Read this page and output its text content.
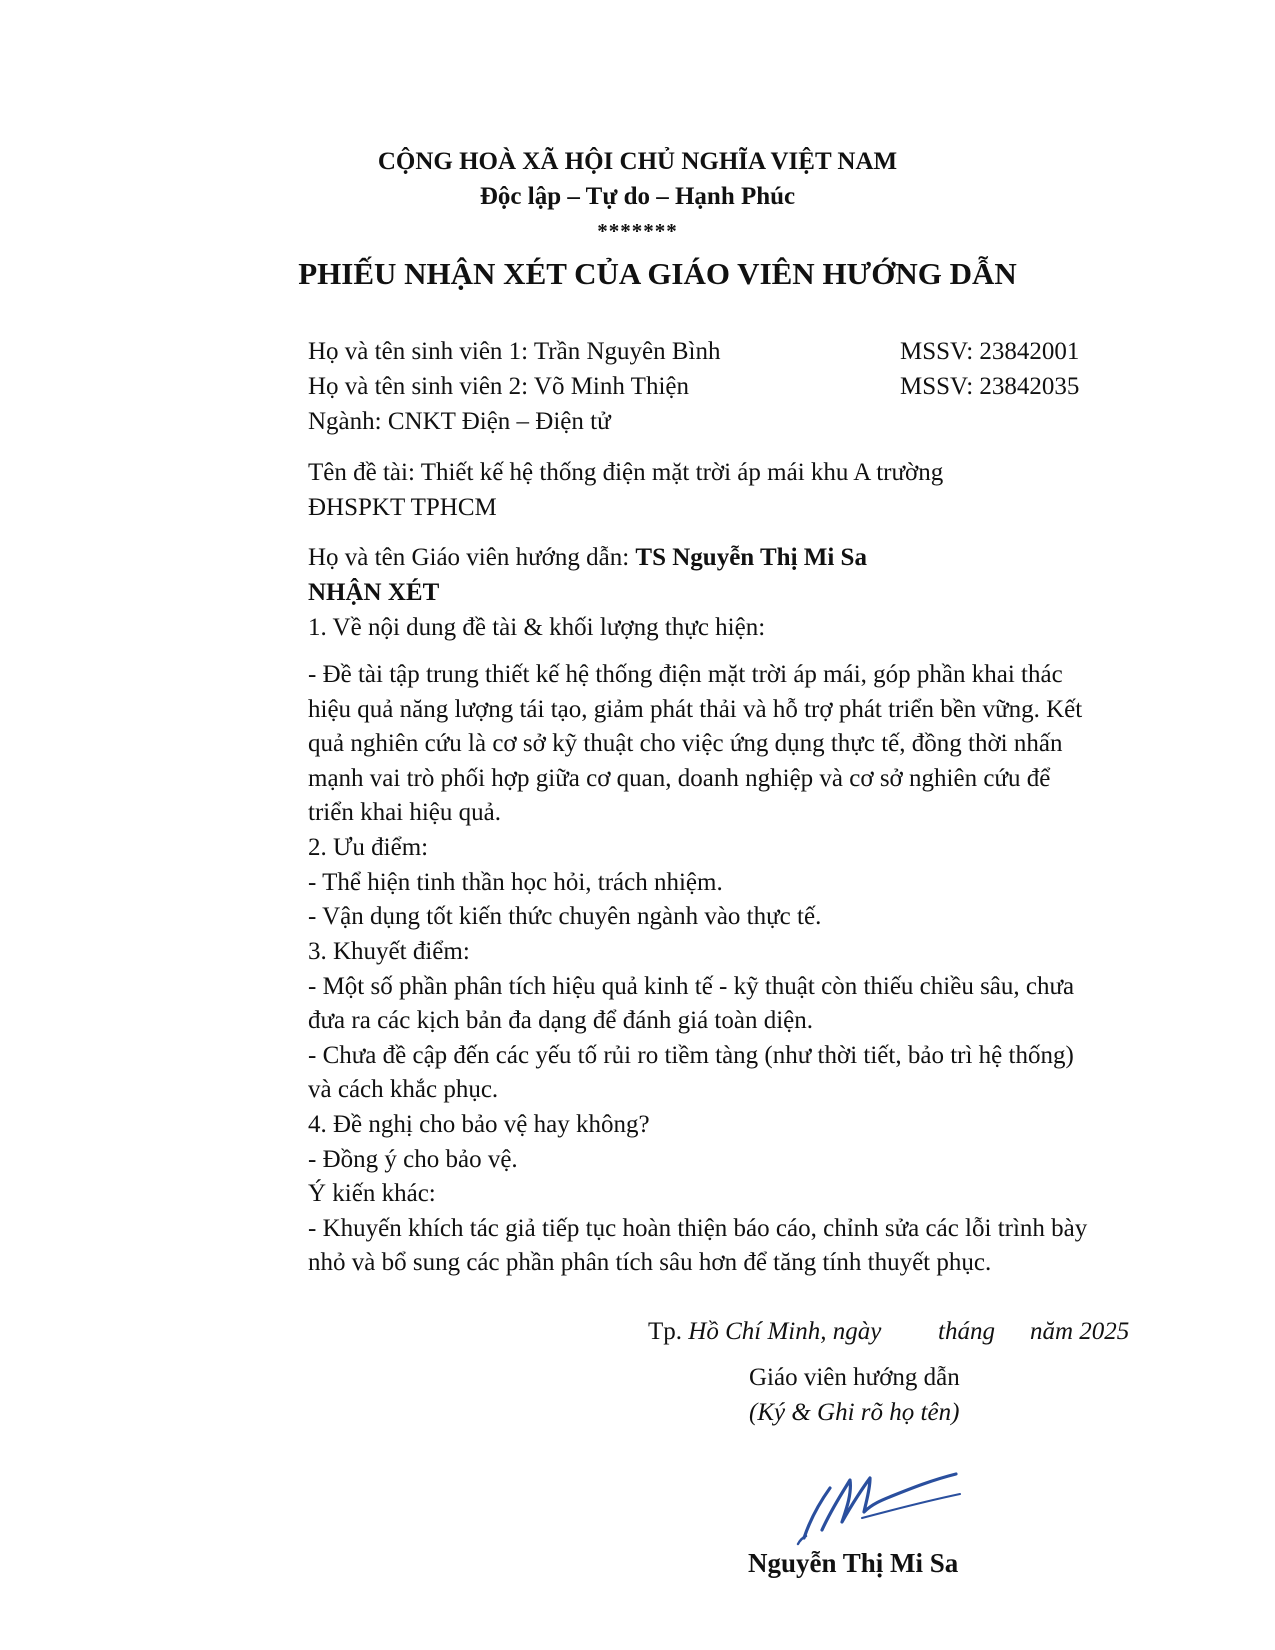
CỘNG HOÀ XÃ HỘI CHỦ NGHĨA VIỆT NAM
Độc lập – Tự do – Hạnh Phúc
*******
PHIẾU NHẬN XÉT CỦA GIÁO VIÊN HƯỚNG DẪN
Họ và tên sinh viên 1: Trần Nguyên Bình	MSSV: 23842001
Họ và tên sinh viên 2: Võ Minh Thiện	MSSV: 23842035
Ngành: CNKT Điện – Điện tử
Tên đề tài: Thiết kế hệ thống điện mặt trời áp mái khu A trường
ĐHSPKT TPHCM
Họ và tên Giáo viên hướng dẫn: TS Nguyễn Thị Mi Sa
NHẬN XÉT
1. Về nội dung đề tài & khối lượng thực hiện:
- Đề tài tập trung thiết kế hệ thống điện mặt trời áp mái, góp phần khai thác
hiệu quả năng lượng tái tạo, giảm phát thải và hỗ trợ phát triển bền vững. Kết
quả nghiên cứu là cơ sở kỹ thuật cho việc ứng dụng thực tế, đồng thời nhấn
mạnh vai trò phối hợp giữa cơ quan, doanh nghiệp và cơ sở nghiên cứu để
triển khai hiệu quả.
2. Ưu điểm:
- Thể hiện tinh thần học hỏi, trách nhiệm.
- Vận dụng tốt kiến thức chuyên ngành vào thực tế.
3. Khuyết điểm:
- Một số phần phân tích hiệu quả kinh tế - kỹ thuật còn thiếu chiều sâu, chưa
đưa ra các kịch bản đa dạng để đánh giá toàn diện.
- Chưa đề cập đến các yếu tố rủi ro tiềm tàng (như thời tiết, bảo trì hệ thống)
và cách khắc phục.
4. Đề nghị cho bảo vệ hay không?
- Đồng ý cho bảo vệ.
Ý kiến khác:
- Khuyến khích tác giả tiếp tục hoàn thiện báo cáo, chỉnh sửa các lỗi trình bày
nhỏ và bổ sung các phần phân tích sâu hơn để tăng tính thuyết phục.
Tp. Hồ Chí Minh, ngày tháng năm 2025
Giáo viên hướng dẫn
(Ký & Ghi rõ họ tên)
Nguyễn Thị Mi Sa
